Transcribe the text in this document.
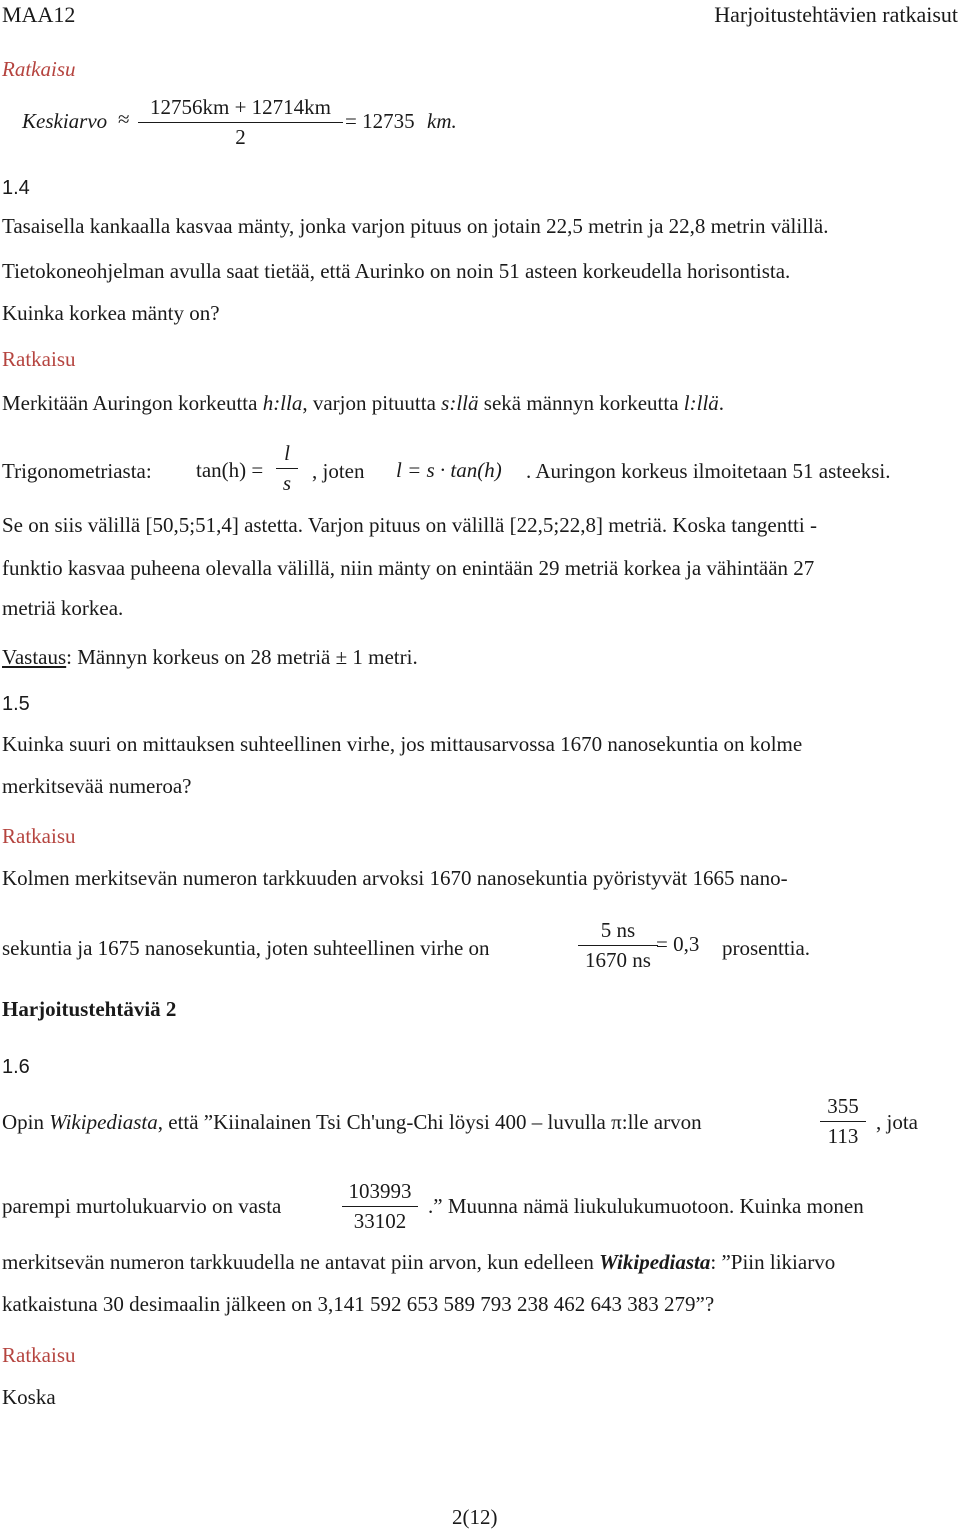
MAA12	Harjoitustehtävien ratkaisut
Ratkaisu
Keskiarvo ≈ 12756km + 12714km
2
= 12735 km.
1.4
Tasaisella kankaalla kasvaa mänty, jonka varjon pituus on jotain 22,5 metrin ja 22,8 metrin välillä.
Tietokoneohjelman avulla saat tietää, että Aurinko on noin 51 asteen korkeudella horisontista.
Kuinka korkea mänty on?
Ratkaisu
Merkitään Auringon korkeutta h:lla, varjon pituutta s:llä sekä männyn korkeutta l:llä.
Trigonometriasta: tan(h) =
l
s
, joten l = s · tan(h) . Auringon korkeus ilmoitetaan 51 asteeksi.
Se on siis välillä [50,5;51,4] astetta. Varjon pituus on välillä [22,5;22,8] metriä. Koska tangentti -
funktio kasvaa puheena olevalla välillä, niin mänty on enintään 29 metriä korkea ja vähintään 27
metriä korkea.
Vastaus: Männyn korkeus on 28 metriä ± 1 metri.
1.5
Kuinka suuri on mittauksen suhteellinen virhe, jos mittausarvossa 1670 nanosekuntia on kolme
merkitsevää numeroa?
Ratkaisu
Kolmen merkitsevän numeron tarkkuuden arvoksi 1670 nanosekuntia pyöristyvät 1665 nano-
sekuntia ja 1675 nanosekuntia, joten suhteellinen virhe on
5 ns
1670 ns
= 0,3 prosenttia.
Harjoitustehtäviä 2
1.6
Opin Wikipediasta, että ”Kiinalainen Tsi Ch'ung-Chi löysi 400 – luvulla π:lle arvon
355
113
, jota
parempi murtolukuarvio on vasta
103993
33102
.” Muunna nämä liukulukumuotoon. Kuinka monen
merkitsevän numeron tarkkuudella ne antavat piin arvon, kun edelleen Wikipediasta: ”Piin likiarvo
katkaistuna 30 desimaalin jälkeen on 3,141 592 653 589 793 238 462 643 383 279”?
Ratkaisu
Koska
2(12)
